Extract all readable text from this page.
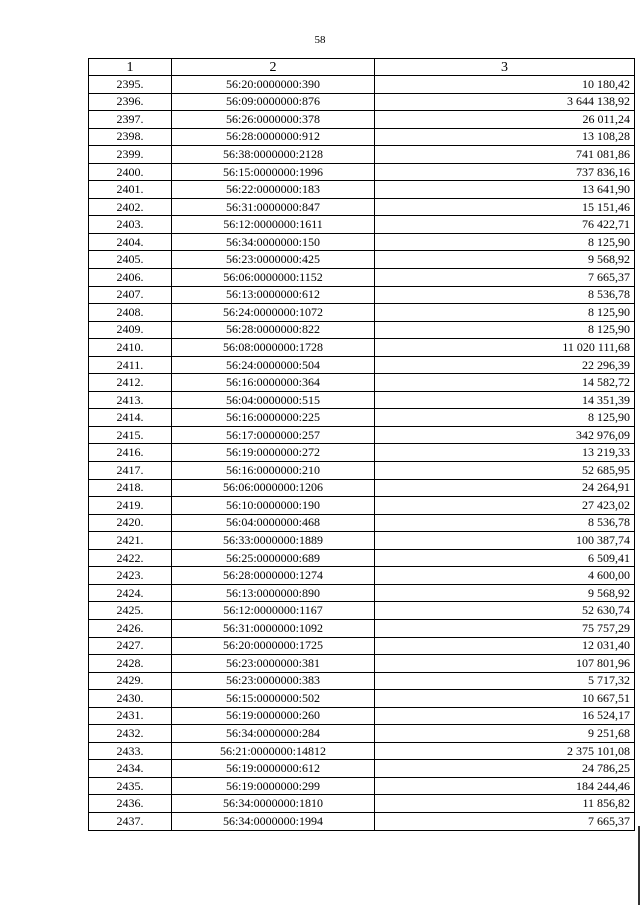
58
1	2	3
2395.	56:20:0000000:390	10 180,42
2396.	56:09:0000000:876	3 644 138,92
2397.	56:26:0000000:378	26 011,24
2398.	56:28:0000000:912	13 108,28
2399.	56:38:0000000:2128	741 081,86
2400.	56:15:0000000:1996	737 836,16
2401.	56:22:0000000:183	13 641,90
2402.	56:31:0000000:847	15 151,46
2403.	56:12:0000000:1611	76 422,71
2404.	56:34:0000000:150	8 125,90
2405.	56:23:0000000:425	9 568,92
2406.	56:06:0000000:1152	7 665,37
2407.	56:13:0000000:612	8 536,78
2408.	56:24:0000000:1072	8 125,90
2409.	56:28:0000000:822	8 125,90
2410.	56:08:0000000:1728	11 020 111,68
2411.	56:24:0000000:504	22 296,39
2412.	56:16:0000000:364	14 582,72
2413.	56:04:0000000:515	14 351,39
2414.	56:16:0000000:225	8 125,90
2415.	56:17:0000000:257	342 976,09
2416.	56:19:0000000:272	13 219,33
2417.	56:16:0000000:210	52 685,95
2418.	56:06:0000000:1206	24 264,91
2419.	56:10:0000000:190	27 423,02
2420.	56:04:0000000:468	8 536,78
2421.	56:33:0000000:1889	100 387,74
2422.	56:25:0000000:689	6 509,41
2423.	56:28:0000000:1274	4 600,00
2424.	56:13:0000000:890	9 568,92
2425.	56:12:0000000:1167	52 630,74
2426.	56:31:0000000:1092	75 757,29
2427.	56:20:0000000:1725	12 031,40
2428.	56:23:0000000:381	107 801,96
2429.	56:23:0000000:383	5 717,32
2430.	56:15:0000000:502	10 667,51
2431.	56:19:0000000:260	16 524,17
2432.	56:34:0000000:284	9 251,68
2433.	56:21:0000000:14812	2 375 101,08
2434.	56:19:0000000:612	24 786,25
2435.	56:19:0000000:299	184 244,46
2436.	56:34:0000000:1810	11 856,82
2437.	56:34:0000000:1994	7 665,37
